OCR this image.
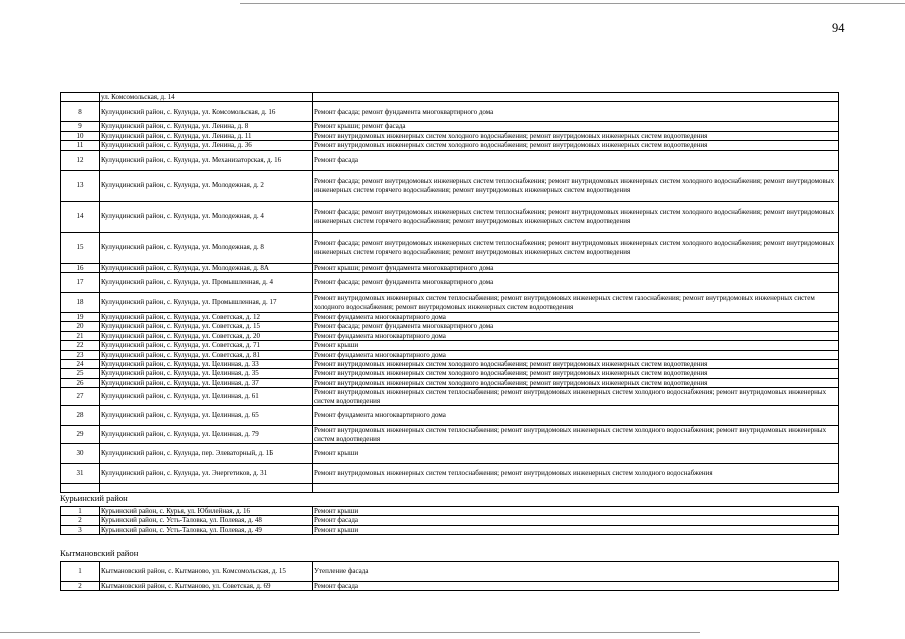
94
	ул. Комсомольская, д. 14	
8	Кулундинский район, с. Кулунда, ул. Комсомольская, д. 16	Ремонт фасада; ремонт фундамента многоквартирного дома
9	Кулундинский район, с. Кулунда, ул. Ленина, д. 8	Ремонт крыши; ремонт фасада
10	Кулундинский район, с. Кулунда, ул. Ленина, д. 11	Ремонт внутридомовых инженерных систем холодного водоснабжения; ремонт внутридомовых инженерных систем водоотведения
11	Кулундинский район, с. Кулунда, ул. Ленина, д. 36	Ремонт внутридомовых инженерных систем холодного водоснабжения; ремонт внутридомовых инженерных систем водоотведения
12	Кулундинский район, с. Кулунда, ул. Механизаторская, д. 16	Ремонт фасада
13	Кулундинский район, с. Кулунда, ул. Молодежная, д. 2	Ремонт фасада; ремонт внутридомовых инженерных систем теплоснабжения; ремонт внутридомовых инженерных систем холодного водоснабжения; ремонт внутридомовых инженерных систем горячего водоснабжения; ремонт внутридомовых инженерных систем водоотведения
14	Кулундинский район, с. Кулунда, ул. Молодежная, д. 4	Ремонт фасада; ремонт внутридомовых инженерных систем теплоснабжения; ремонт внутридомовых инженерных систем холодного водоснабжения; ремонт внутридомовых инженерных систем горячего водоснабжения; ремонт внутридомовых инженерных систем водоотведения
15	Кулундинский район, с. Кулунда, ул. Молодежная, д. 8	Ремонт фасада; ремонт внутридомовых инженерных систем теплоснабжения; ремонт внутридомовых инженерных систем холодного водоснабжения; ремонт внутридомовых инженерных систем горячего водоснабжения; ремонт внутридомовых инженерных систем водоотведения
16	Кулундинский район, с. Кулунда, ул. Молодежная, д. 8А	Ремонт крыши; ремонт фундамента многоквартирного дома
17	Кулундинский район, с. Кулунда, ул. Промышленная, д. 4	Ремонт фасада; ремонт фундамента многоквартирного дома
18	Кулундинский район, с. Кулунда, ул. Промышленная, д. 17	Ремонт внутридомовых инженерных систем теплоснабжения; ремонт внутридомовых инженерных систем газоснабжения; ремонт внутридомовых инженерных систем холодного водоснабжения; ремонт внутридомовых инженерных систем водоотведения
19	Кулундинский район, с. Кулунда, ул. Советская, д. 12	Ремонт фундамента многоквартирного дома
20	Кулундинский район, с. Кулунда, ул. Советская, д. 15	Ремонт фасада; ремонт фундамента многоквартирного дома
21	Кулундинский район, с. Кулунда, ул. Советская, д. 20	Ремонт фундамента многоквартирного дома
22	Кулундинский район, с. Кулунда, ул. Советская, д. 71	Ремонт крыши
23	Кулундинский район, с. Кулунда, ул. Советская, д. 81	Ремонт фундамента многоквартирного дома
24	Кулундинский район, с. Кулунда, ул. Целинная, д. 33	Ремонт внутридомовых инженерных систем холодного водоснабжения; ремонт внутридомовых инженерных систем водоотведения
25	Кулундинский район, с. Кулунда, ул. Целинная, д. 35	Ремонт внутридомовых инженерных систем холодного водоснабжения; ремонт внутридомовых инженерных систем водоотведения
26	Кулундинский район, с. Кулунда, ул. Целинная, д. 37	Ремонт внутридомовых инженерных систем холодного водоснабжения; ремонт внутридомовых инженерных систем водоотведения
27	Кулундинский район, с. Кулунда, ул. Целинная, д. 61	Ремонт внутридомовых инженерных систем теплоснабжения; ремонт внутридомовых инженерных систем холодного водоснабжения; ремонт внутридомовых инженерных систем водоотведения
28	Кулундинский район, с. Кулунда, ул. Целинная, д. 65	Ремонт фундамента многоквартирного дома
29	Кулундинский район, с. Кулунда, ул. Целинная, д. 79	Ремонт внутридомовых инженерных систем теплоснабжения; ремонт внутридомовых инженерных систем холодного водоснабжения; ремонт внутридомовых инженерных систем водоотведения
30	Кулундинский район, с. Кулунда, пер. Элеваторный, д. 1Б	Ремонт крыши
31	Кулундинский район, с. Кулунда, ул. Энергетиков, д. 31	Ремонт внутридомовых инженерных систем теплоснабжения; ремонт внутридомовых инженерных систем холодного водоснабжения

Курьинский район
1	Курьинский район, с. Курья, ул. Юбилейная, д. 16	Ремонт крыши
2	Курьинский район, с. Усть-Таловка, ул. Полевая, д. 48	Ремонт фасада
3	Курьинский район, с. Усть-Таловка, ул. Полевая, д. 49	Ремонт крыши
Кытмановский район
1	Кытмановский район, с. Кытманово, ул. Комсомольская, д. 15	Утепление фасада
2	Кытмановский район, с. Кытманово, ул. Советская, д. 69	Ремонт фасада
